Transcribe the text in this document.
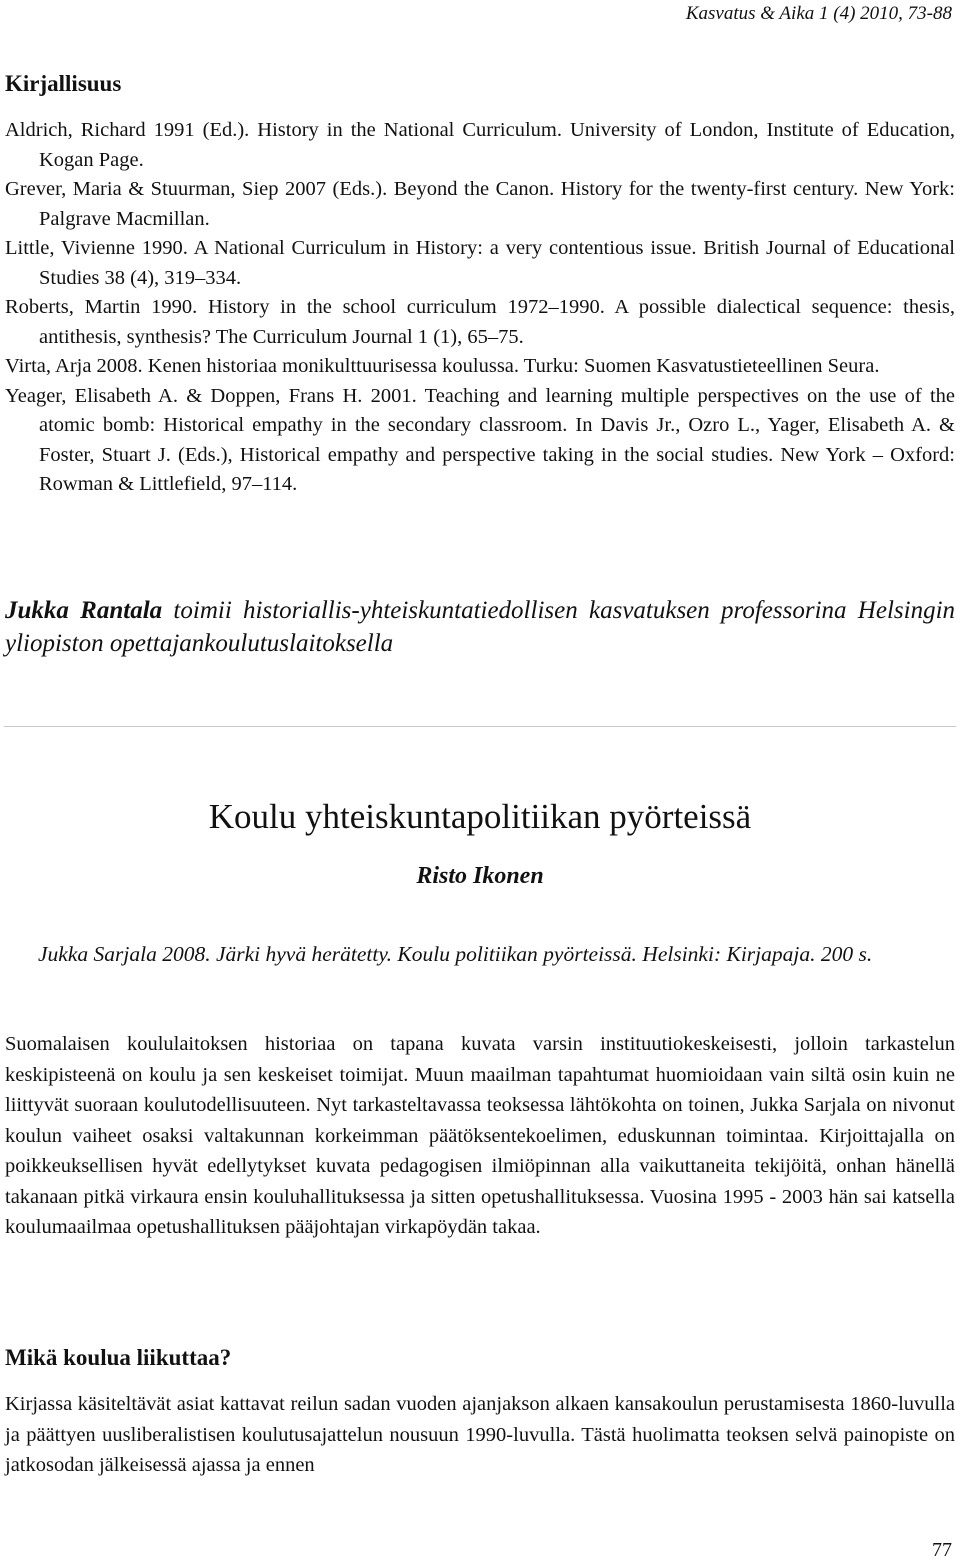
Kasvatus & Aika 1 (4) 2010, 73-88
Kirjallisuus
Aldrich, Richard 1991 (Ed.). History in the National Curriculum. University of London, Institute of Education, Kogan Page.
Grever, Maria & Stuurman, Siep 2007 (Eds.). Beyond the Canon. History for the twenty-first century. New York: Palgrave Macmillan.
Little, Vivienne 1990. A National Curriculum in History: a very contentious issue. British Journal of Educational Studies 38 (4), 319–334.
Roberts, Martin 1990. History in the school curriculum 1972–1990. A possible dialectical sequence: thesis, antithesis, synthesis? The Curriculum Journal 1 (1), 65–75.
Virta, Arja 2008. Kenen historiaa monikulttuurisessa koulussa. Turku: Suomen Kasvatustieteellinen Seura.
Yeager, Elisabeth A. & Doppen, Frans H. 2001. Teaching and learning multiple perspectives on the use of the atomic bomb: Historical empathy in the secondary classroom. In Davis Jr., Ozro L., Yager, Elisabeth A. & Foster, Stuart J. (Eds.), Historical empathy and perspective taking in the social studies. New York – Oxford: Rowman & Littlefield, 97–114.

Jukka Rantala toimii historiallis-yhteiskuntatiedollisen kasvatuksen professorina Helsingin yliopiston opettajankoulutuslaitoksella

Koulu yhteiskuntapolitiikan pyörteissä
Risto Ikonen

Jukka Sarjala 2008. Järki hyvä herätetty. Koulu politiikan pyörteissä. Helsinki: Kirjapaja. 200 s.

Suomalaisen koululaitoksen historiaa on tapana kuvata varsin instituutiokeskeisesti, jolloin tarkastelun keskipisteenä on koulu ja sen keskeiset toimijat. Muun maailman tapahtumat huomioidaan vain siltä osin kuin ne liittyvät suoraan koulutodellisuuteen. Nyt tarkasteltavassa teoksessa lähtökohta on toinen, Jukka Sarjala on nivonut koulun vaiheet osaksi valtakunnan korkeimman päätöksentekoelimen, eduskunnan toimintaa. Kirjoittajalla on poikkeuksellisen hyvät edellytykset kuvata pedagogisen ilmiöpinnan alla vaikuttaneita tekijöitä, onhan hänellä takanaan pitkä virkaura ensin kouluhallituksessa ja sitten opetushallituksessa. Vuosina 1995 - 2003 hän sai katsella koulumaailmaa opetushallituksen pääjohtajan virkapöydän takaa.

Mikä koulua liikuttaa?

Kirjassa käsiteltävät asiat kattavat reilun sadan vuoden ajanjakson alkaen kansakoulun perustamisesta 1860-luvulla ja päättyen uusliberalistisen koulutusajattelun nousuun 1990-luvulla. Tästä huolimatta teoksen selvä painopiste on jatkosodan jälkeisessä ajassa ja ennen

77
